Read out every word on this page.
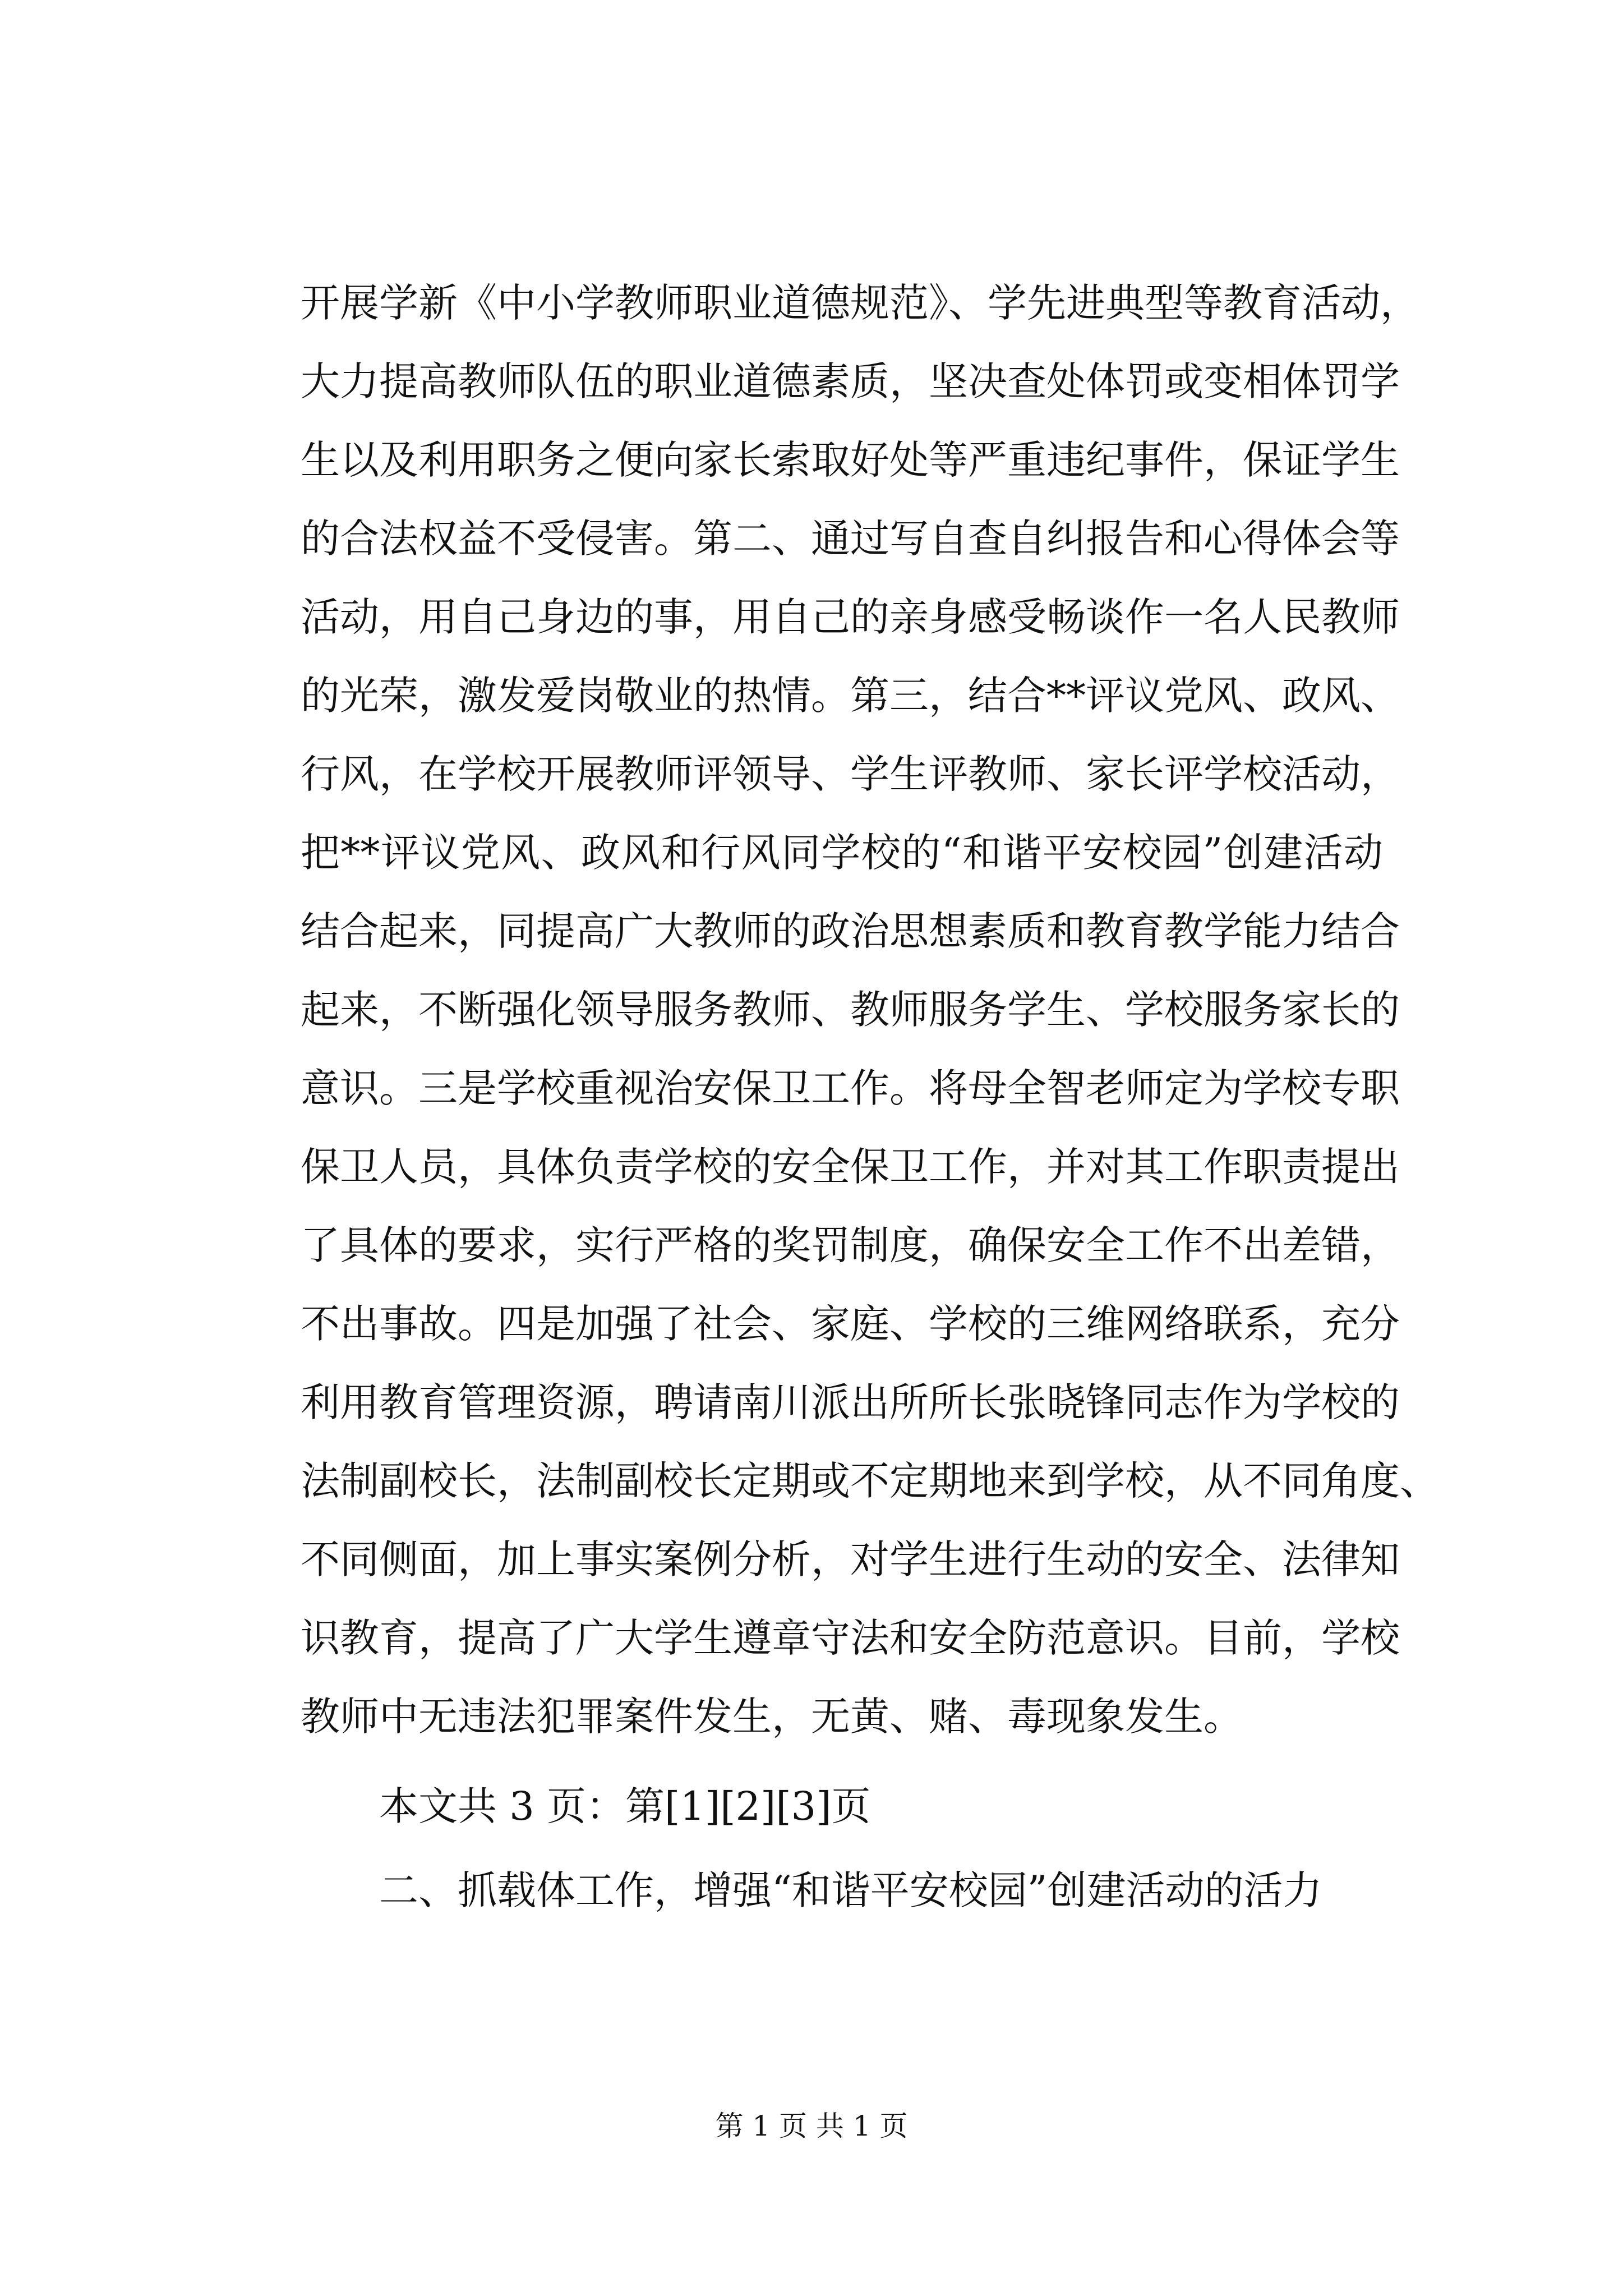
开展学新《中小学教师职业道德规范》、学先进典型等教育活动，
大力提高教师队伍的职业道德素质，坚决查处体罚或变相体罚学
生以及利用职务之便向家长索取好处等严重违纪事件，保证学生
的合法权益不受侵害。第二、通过写自查自纠报告和心得体会等
活动，用自己身边的事，用自己的亲身感受畅谈作一名人民教师
的光荣，激发爱岗敬业的热情。第三，结合**评议党风、政风、
行风，在学校开展教师评领导、学生评教师、家长评学校活动，
把**评议党风、政风和行风同学校的“和谐平安校园”创建活动
结合起来，同提高广大教师的政治思想素质和教育教学能力结合
起来，不断强化领导服务教师、教师服务学生、学校服务家长的
意识。三是学校重视治安保卫工作。将母全智老师定为学校专职
保卫人员，具体负责学校的安全保卫工作，并对其工作职责提出
了具体的要求，实行严格的奖罚制度，确保安全工作不出差错，
不出事故。四是加强了社会、家庭、学校的三维网络联系，充分
利用教育管理资源，聘请南川派出所所长张晓锋同志作为学校的
法制副校长，法制副校长定期或不定期地来到学校，从不同角度、
不同侧面，加上事实案例分析，对学生进行生动的安全、法律知
识教育，提高了广大学生遵章守法和安全防范意识。目前，学校
教师中无违法犯罪案件发生，无黄、赌、毒现象发生。
本文共 3 页：第[1][2][3]页
二、抓载体工作，增强“和谐平安校园”创建活动的活力
第 1 页 共 1 页
